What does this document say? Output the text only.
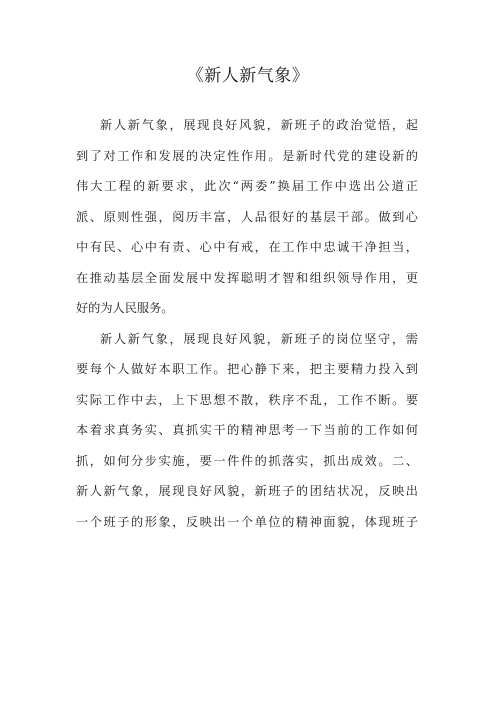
《新人新气象》
新人新气象，展现良好风貌，新班子的政治觉悟，起
到了对工作和发展的决定性作用。是新时代党的建设新的
伟大工程的新要求，此次“两委”换届工作中选出公道正
派、原则性强，阅历丰富，人品很好的基层干部。做到心
中有民、心中有责、心中有戒，在工作中忠诚干净担当，
在推动基层全面发展中发挥聪明才智和组织领导作用，更
好的为人民服务。
新人新气象，展现良好风貌，新班子的岗位坚守，需
要每个人做好本职工作。把心静下来，把主要精力投入到
实际工作中去，上下思想不散，秩序不乱，工作不断。要
本着求真务实、真抓实干的精神思考一下当前的工作如何
抓，如何分步实施，要一件件的抓落实，抓出成效。二、
新人新气象，展现良好风貌，新班子的团结状况，反映出
一个班子的形象，反映出一个单位的精神面貌，体现班子
